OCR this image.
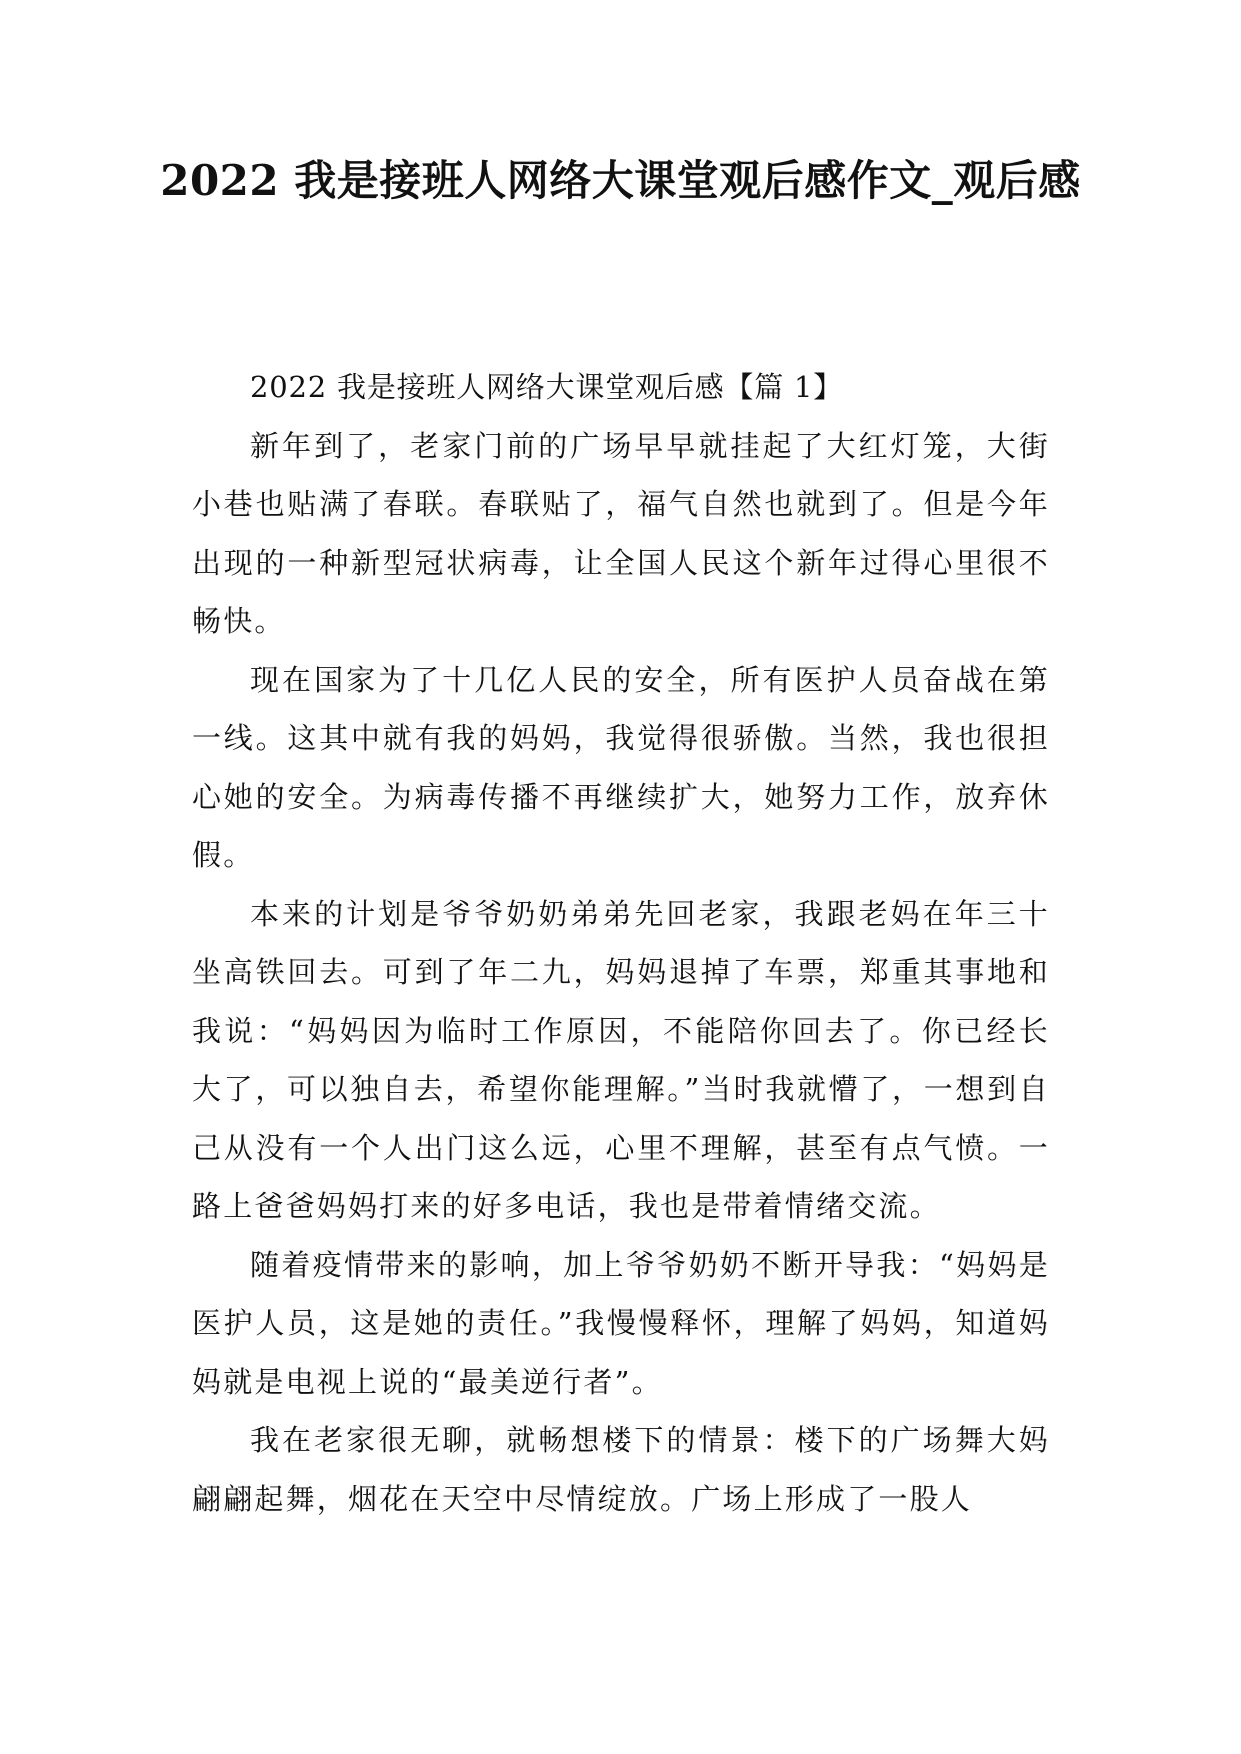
2022 我是接班人网络大课堂观后感作文_观后感

2022 我是接班人网络大课堂观后感【篇 1】

新年到了，老家门前的广场早早就挂起了大红灯笼，大街小巷也贴满了春联。春联贴了，福气自然也就到了。但是今年出现的一种新型冠状病毒，让全国人民这个新年过得心里很不畅快。

现在国家为了十几亿人民的安全，所有医护人员奋战在第一线。这其中就有我的妈妈，我觉得很骄傲。当然，我也很担心她的安全。为病毒传播不再继续扩大，她努力工作，放弃休假。

本来的计划是爷爷奶奶弟弟先回老家，我跟老妈在年三十坐高铁回去。可到了年二九，妈妈退掉了车票，郑重其事地和我说：“妈妈因为临时工作原因，不能陪你回去了。你已经长大了，可以独自去，希望你能理解。”当时我就懵了，一想到自己从没有一个人出门这么远，心里不理解，甚至有点气愤。一路上爸爸妈妈打来的好多电话，我也是带着情绪交流。

随着疫情带来的影响，加上爷爷奶奶不断开导我：“妈妈是医护人员，这是她的责任。”我慢慢释怀，理解了妈妈，知道妈妈就是电视上说的“最美逆行者”。

我在老家很无聊，就畅想楼下的情景：楼下的广场舞大妈翩翩起舞，烟花在天空中尽情绽放。广场上形成了一股人
